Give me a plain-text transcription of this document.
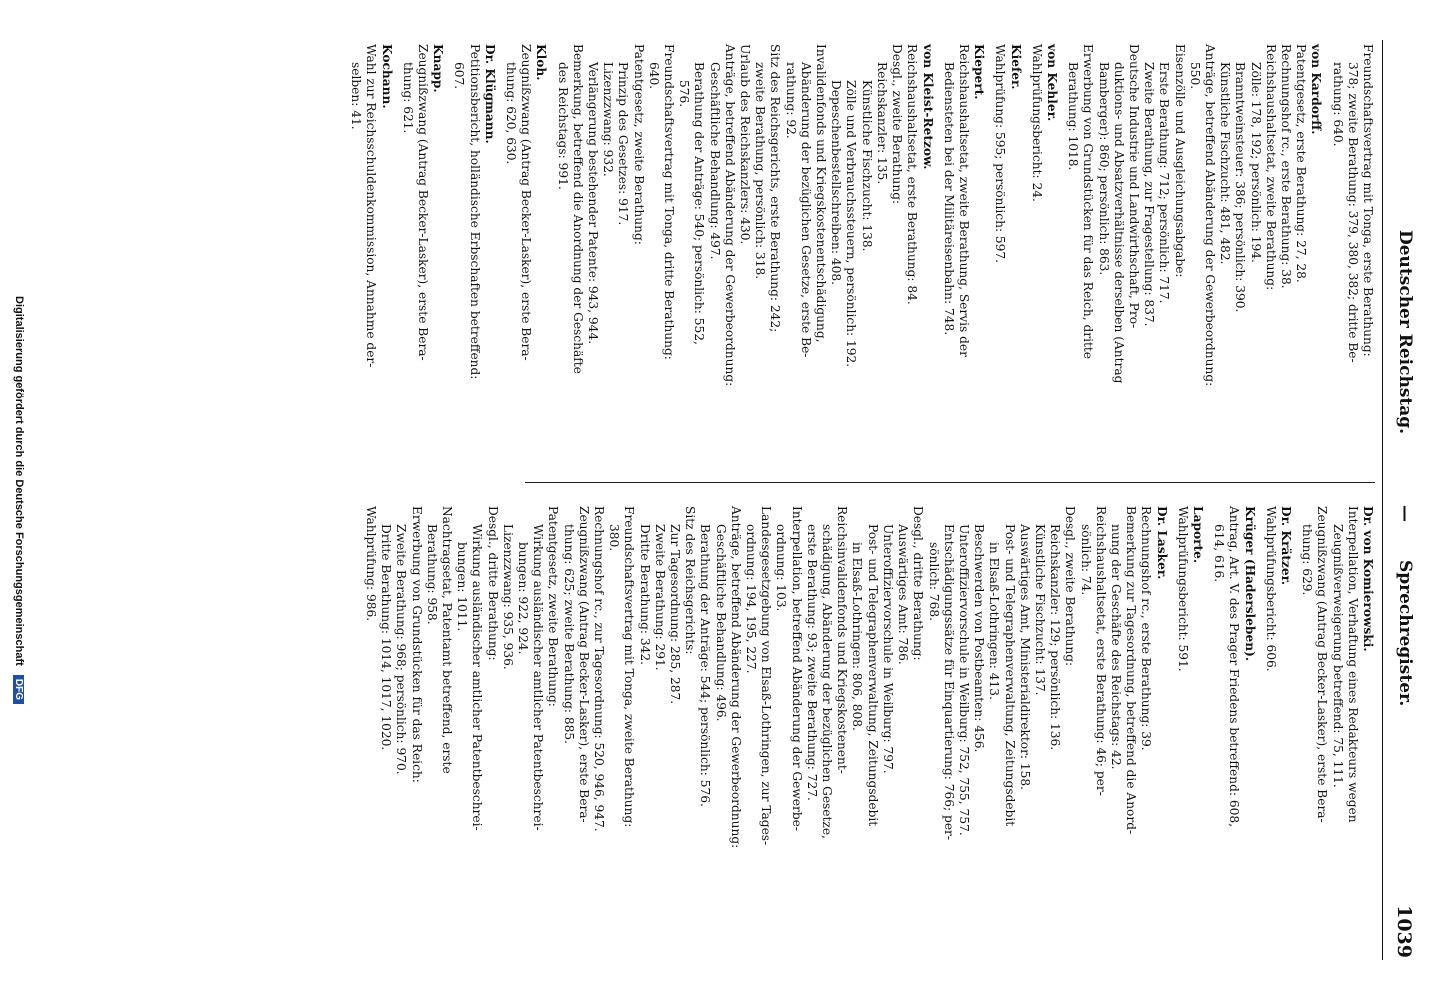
Deutscher Reichstag.
—
Sprechregister.
1039
Freundschaftsvertrag mit Tonga, erste Berathung:
378; zweite Berathung: 379, 380, 382; dritte Be-
rathung: 640.
von Kardorff.
Patentgesetz, erste Berathung: 27, 28.
Rechnungshof rc., erste Berathung: 38.
Reichshaushaltsetat, zweite Berathung:
Zölle: 178, 192; persönlich: 194.
Branntweinsteuer: 386; persönlich: 390.
Künstliche Fischzucht: 481, 482.
Anträge, betreffend Abänderung der Gewerbeordnung:
550.
Eisenzölle und Ausgleichungsabgabe:
Erste Berathung: 712; persönlich: 717.
Zweite Berathung, zur Fragestellung: 837.
Deutsche Industrie und Landwirthschaft, Pro-
duktions- und Absatzverhältnisse derselben (Antrag
Bamberger): 860; persönlich: 863.
Erwerbung von Grundstücken für das Reich, dritte
Berathung: 1018.
von Kehler.
Wahlprüfungsbericht: 24.
Kiefer.
Wahlprüfung: 595; persönlich: 597.
Kiepert.
Reichshaushaltsetat, zweite Berathung, Servis der
Bediensteten bei der Militäreisenbahn: 748.
von Kleist-Retzow.
Reichshaushaltsetat, erste Berathung: 84.
Desgl., zweite Berathung:
Reichskanzler: 135.
Künstliche Fischzucht: 138.
Zölle und Verbrauchssteuern, persönlich: 192.
Depeschenbestellschreiben: 408.
Invalidenfonds und Kriegskostenentschädigung,
Abänderung der bezüglichen Gesetze, erste Be-
rathung: 92.
Sitz des Reichsgerichts, erste Berathung: 242;
zweite Berathung, persönlich: 318.
Urlaub des Reichskanzlers: 430.
Anträge, betreffend Abänderung der Gewerbeordnung:
Geschäftliche Behandlung: 497.
Berathung der Anträge: 540; persönlich: 552,
576.
Freundschaftsvertrag mit Tonga, dritte Berathung:
640.
Patentgesetz, zweite Berathung:
Prinzip des Gesetzes: 917.
Lizenzzwang: 932.
Verlängerung bestehender Patente: 943, 944.
Bemerkung, betreffend die Anordnung der Geschäfte
des Reichstags: 991.
Kloh.
Zeugnißzwang (Antrag Becker-Lasker), erste Bera-
thung: 620, 630.
Dr. Klügmann.
Petitionsbericht, holländische Erbschaften betreffend:
607.
Knapp.
Zeugnißzwang (Antrag Becker-Lasker), erste Bera-
thung: 621.
Kochann.
Wahl zur Reichsschuldenkommission, Annahme der-
selben: 41.
Dr. von Komierowski.
Interpellation, Verhaftung eines Redakteurs wegen
Zeugnißverweigerung betreffend: 75, 111.
Zeugnißzwang (Antrag Becker-Lasker), erste Bera-
thung: 629.
Dr. Krätzer.
Wahlprüfungsbericht: 606.
Krüger (Hadersleben).
Antrag, Art. V. des Prager Friedens betreffend: 608,
614, 616.
Laporte.
Wahlprüfungsbericht: 591.
Dr. Lasker.
Rechnungshof rc., erste Berathung: 39.
Bemerkung zur Tagesordnung, betreffend die Anord-
nung der Geschäfte des Reichstags: 42.
Reichshaushaltsetat, erste Berathung: 46; per-
sönlich: 74.
Desgl., zweite Berathung:
Reichskanzler: 129; persönlich: 136.
Künstliche Fischzucht: 137.
Auswärtiges Amt, Ministerialdirektor: 158.
Post- und Telegraphenverwaltung, Zeitungsdebit
in Elsaß-Lothringen: 413.
Beschwerden von Postbeamten: 456.
Unteroffiziervorschule in Weilburg: 752, 755, 757.
Entschädigungssätze für Einquartierung: 766; per-
sönlich: 768.
Desgl., dritte Berathung:
Auswärtiges Amt: 786.
Unteroffiziervorschule in Weilburg: 797.
Post- und Telegraphenverwaltung, Zeitungsdebit
in Elsaß-Lothringen: 806, 808.
Reichsinvalidenfonds und Kriegskostenent-
schädigung, Abänderung der bezüglichen Gesetze,
erste Berathung: 93; zweite Berathung: 727.
Interpellation, betreffend Abänderung der Gewerbe-
ordnung: 103.
Landesgesetzgebung von Elsaß-Lothringen, zur Tages-
ordnung: 194, 195, 227.
Anträge, betreffend Abänderung der Gewerbeordnung:
Geschäftliche Behandlung: 496.
Berathung der Anträge: 544; persönlich: 576.
Sitz des Reichsgerichts:
Zur Tagesordnung: 285, 287.
Zweite Berathung: 291.
Dritte Berathung: 342.
Freundschaftsvertrag mit Tonga, zweite Berathung:
380.
Rechnungshof rc., zur Tagesordnung: 520, 946, 947.
Zeugnißzwang (Antrag Becker-Lasker), erste Bera-
thung: 625; zweite Berathung: 885.
Patentgesetz, zweite Berathung:
Wirkung ausländischer amtlicher Patentbeschrei-
bungen: 922, 924.
Lizenzzwang: 935, 936.
Desgl., dritte Berathung:
Wirkung ausländischer amtlicher Patentbeschrei-
bungen: 1011.
Nachtragsetat, Patentamt betreffend, erste
Berathung: 958.
Erwerbung von Grundstücken für das Reich:
Zweite Berathung: 968; persönlich: 970.
Dritte Berathung: 1014, 1017, 1020.
Wahlprüfung: 986.
Digitalisierung gefördert durch die Deutsche Forschungsgemeinschaft DFG
